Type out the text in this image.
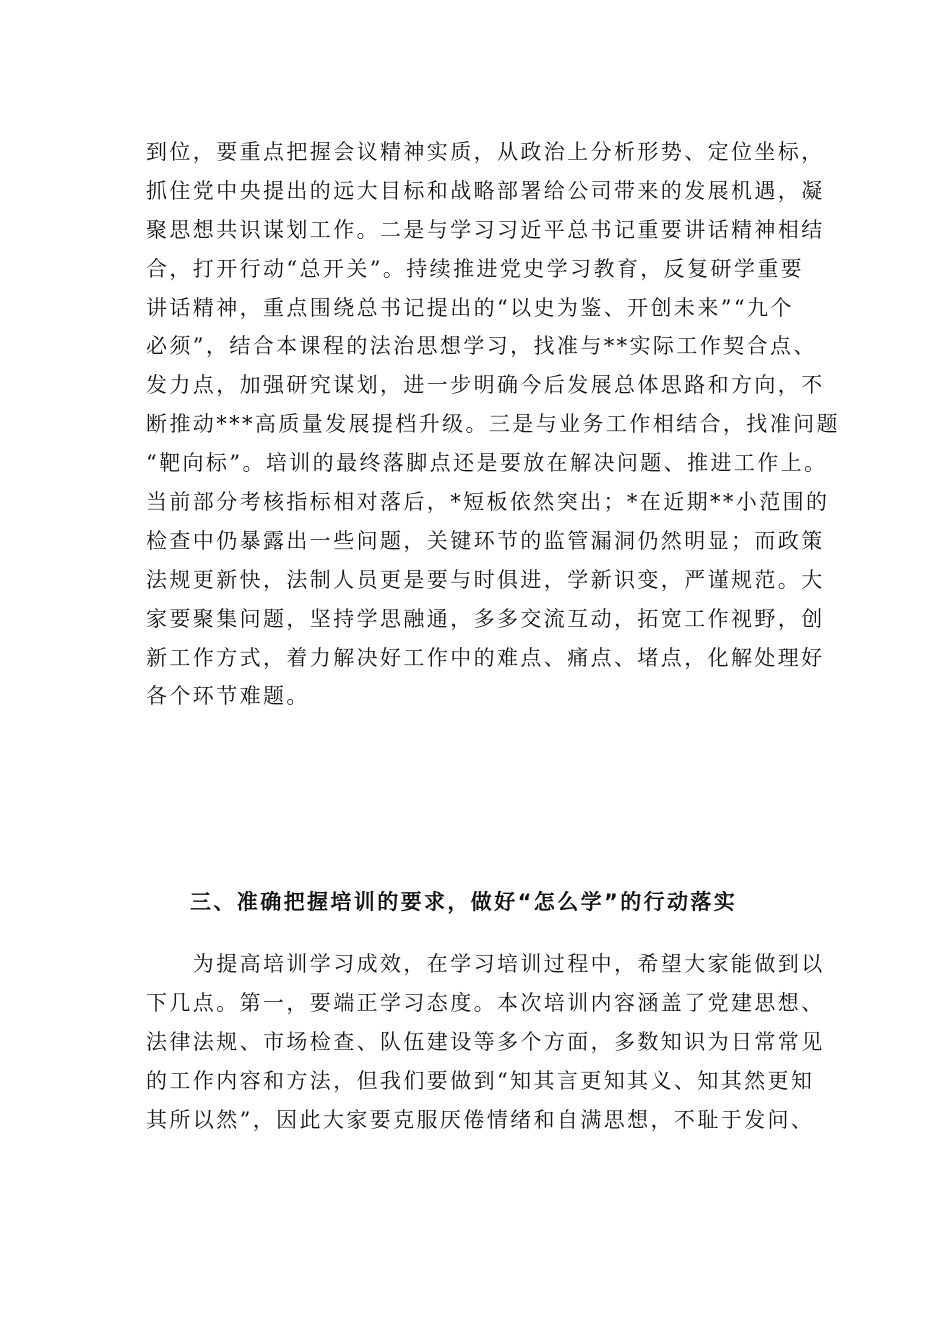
到位，要重点把握会议精神实质，从政治上分析形势、定位坐标，
抓住党中央提出的远大目标和战略部署给公司带来的发展机遇，凝
聚思想共识谋划工作。二是与学习习近平总书记重要讲话精神相结
合，打开行动“总开关”。持续推进党史学习教育，反复研学重要
讲话精神，重点围绕总书记提出的“以史为鉴、开创未来”“九个
必须”，结合本课程的法治思想学习，找准与**实际工作契合点、
发力点，加强研究谋划，进一步明确今后发展总体思路和方向，不
断推动***高质量发展提档升级。三是与业务工作相结合，找准问题
“靶向标”。培训的最终落脚点还是要放在解决问题、推进工作上。
当前部分考核指标相对落后，*短板依然突出；*在近期**小范围的
检查中仍暴露出一些问题，关键环节的监管漏洞仍然明显；而政策
法规更新快，法制人员更是要与时俱进，学新识变，严谨规范。大
家要聚集问题，坚持学思融通，多多交流互动，拓宽工作视野，创
新工作方式，着力解决好工作中的难点、痛点、堵点，化解处理好
各个环节难题。
三、准确把握培训的要求，做好“怎么学”的行动落实
　　为提高培训学习成效，在学习培训过程中，希望大家能做到以
下几点。第一，要端正学习态度。本次培训内容涵盖了党建思想、
法律法规、市场检查、队伍建设等多个方面，多数知识为日常常见
的工作内容和方法，但我们要做到“知其言更知其义、知其然更知
其所以然”，因此大家要克服厌倦情绪和自满思想，不耻于发问、
